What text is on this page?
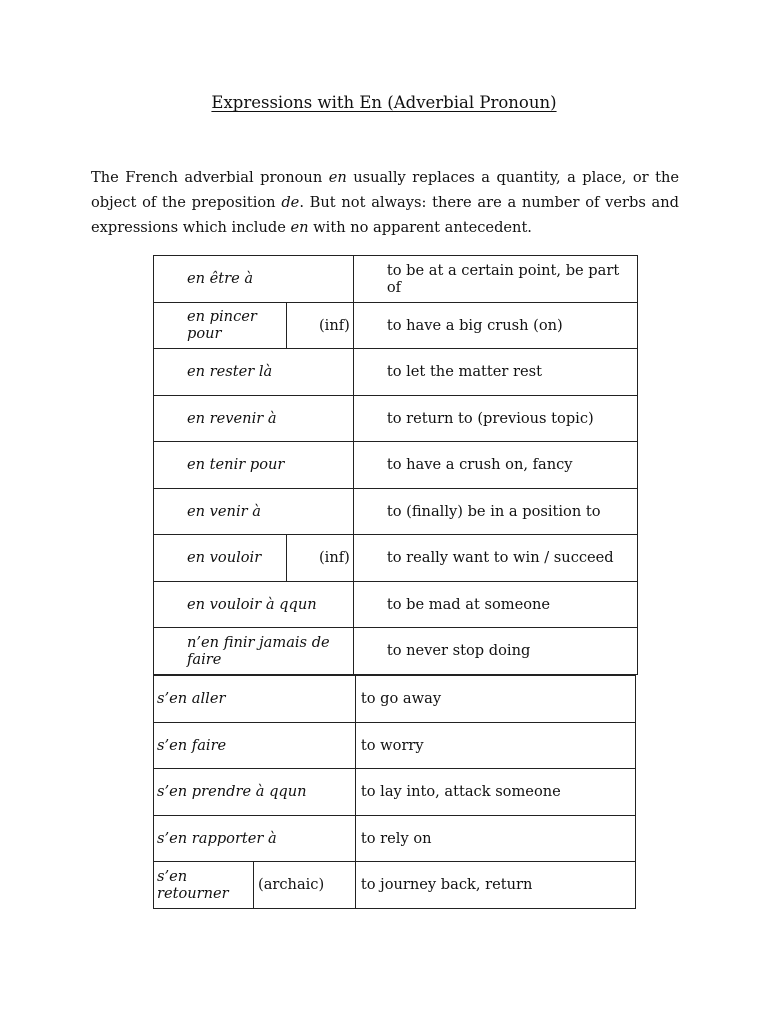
Expressions with En (Adverbial Pronoun)

The French adverbial pronoun en usually replaces a quantity, a place, or the object of the preposition de. But not always: there are a number of verbs and expressions which include en with no apparent antecedent.

en être à	to be at a certain point, be part of

en pincer pour (inf)	to have a big crush (on)
en rester là	to let the matter rest
en revenir à	to return to (previous topic)
en tenir pour	to have a crush on, fancy
en venir à	to (finally) be in a position to

en vouloir (inf)	to really want to win / succeed
en vouloir à qqun	to be mad at someone
n’en finir jamais de faire	to never stop doing
s’en aller	to go away
s’en faire	to worry
s’en prendre à qqun	to lay into, attack someone
s’en rapporter à	to rely on

s’en retourner (archaic)	to journey back, return
